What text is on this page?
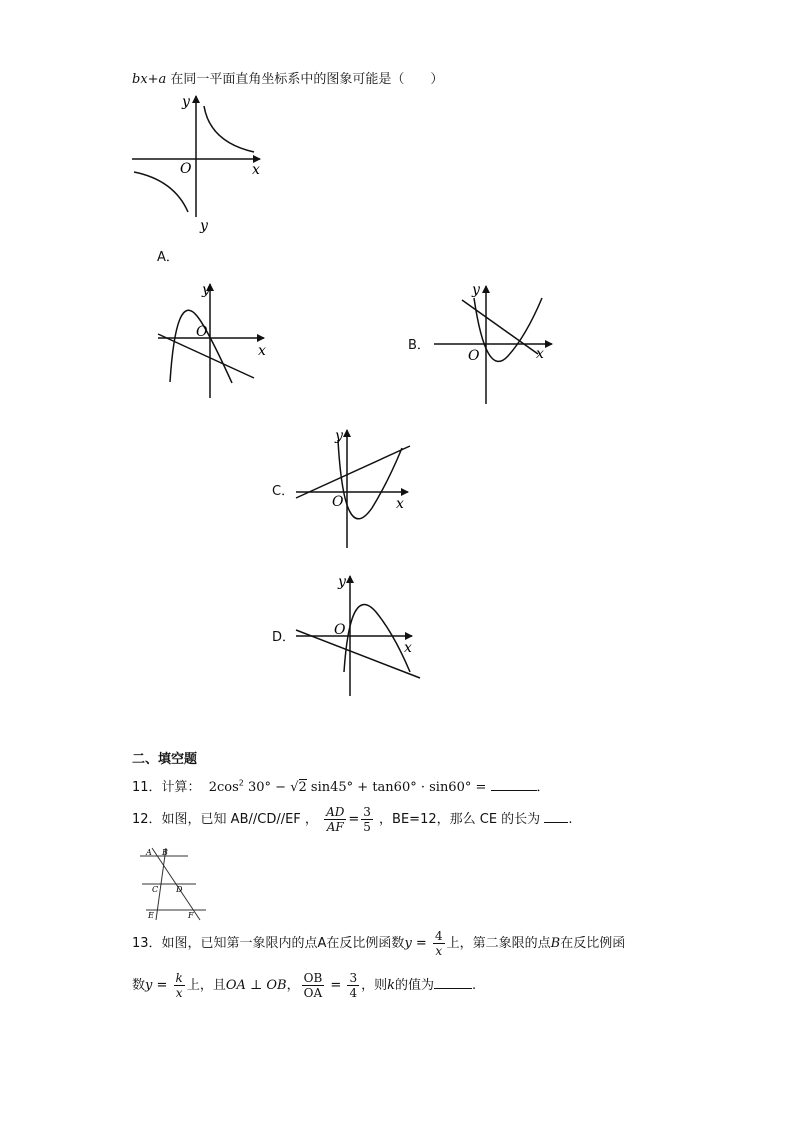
bx+a 在同一平面直角坐标系中的图象可能是（　　）
y
O	x
y
A．
y
O
x	B．
y
O	x
C．
y
O	x
D．
y
O
x
二、填空题
11．计算： $2\cos^2$ 30° − √2 sin45° + tan60° · sin60° =	．
12．如图，已知 AB//CD//EF ， $\frac{AD}{AF} = \frac{3}{5}$ ，BE=12，那么 CE 的长为 .
A B
C D
E	F
13．如图，已知第一象限内的点A在反比例函数$y = \frac{4}{x}$ 上，第二象限的点B在反比例函
数$y = \frac{k}{x}$ 上，且OA ⊥ OB， $\frac{OB}{OA} = \frac{3}{4}$ ，则k的值为	.
